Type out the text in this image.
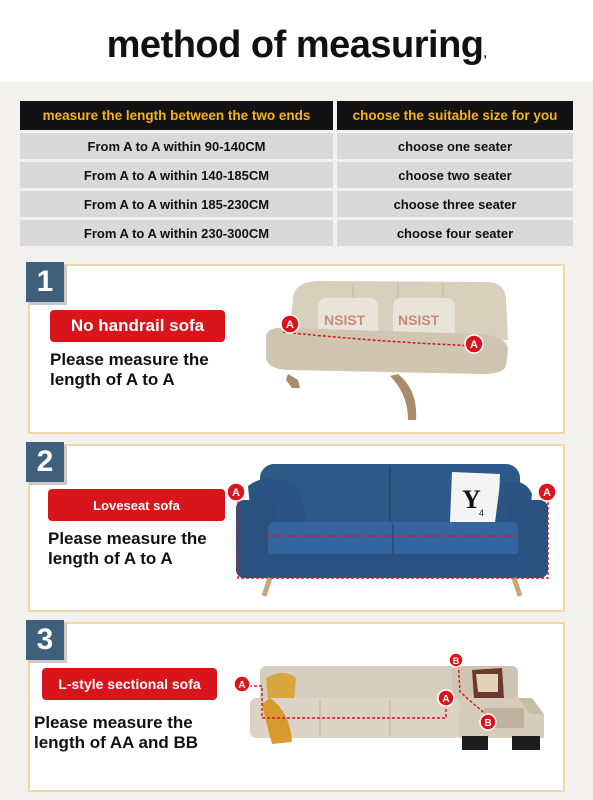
method of measuring,
measure the length between the two ends	choose the suitable size for you
From A to A within 90-140CM	choose one seater
From A to A within 140-185CM	choose two seater
From A to A within 185-230CM	choose three seater
From A to A within 230-300CM	choose four seater
1
No handrail sofa
Please measure the
length of A to A
NSIST NSIST
A
A
2
Loveseat sofa
Please measure the
length of A to A
Y
4
A	A
3
L-style sectional sofa
Please measure the
length of AA and BB
A
A
B
B
